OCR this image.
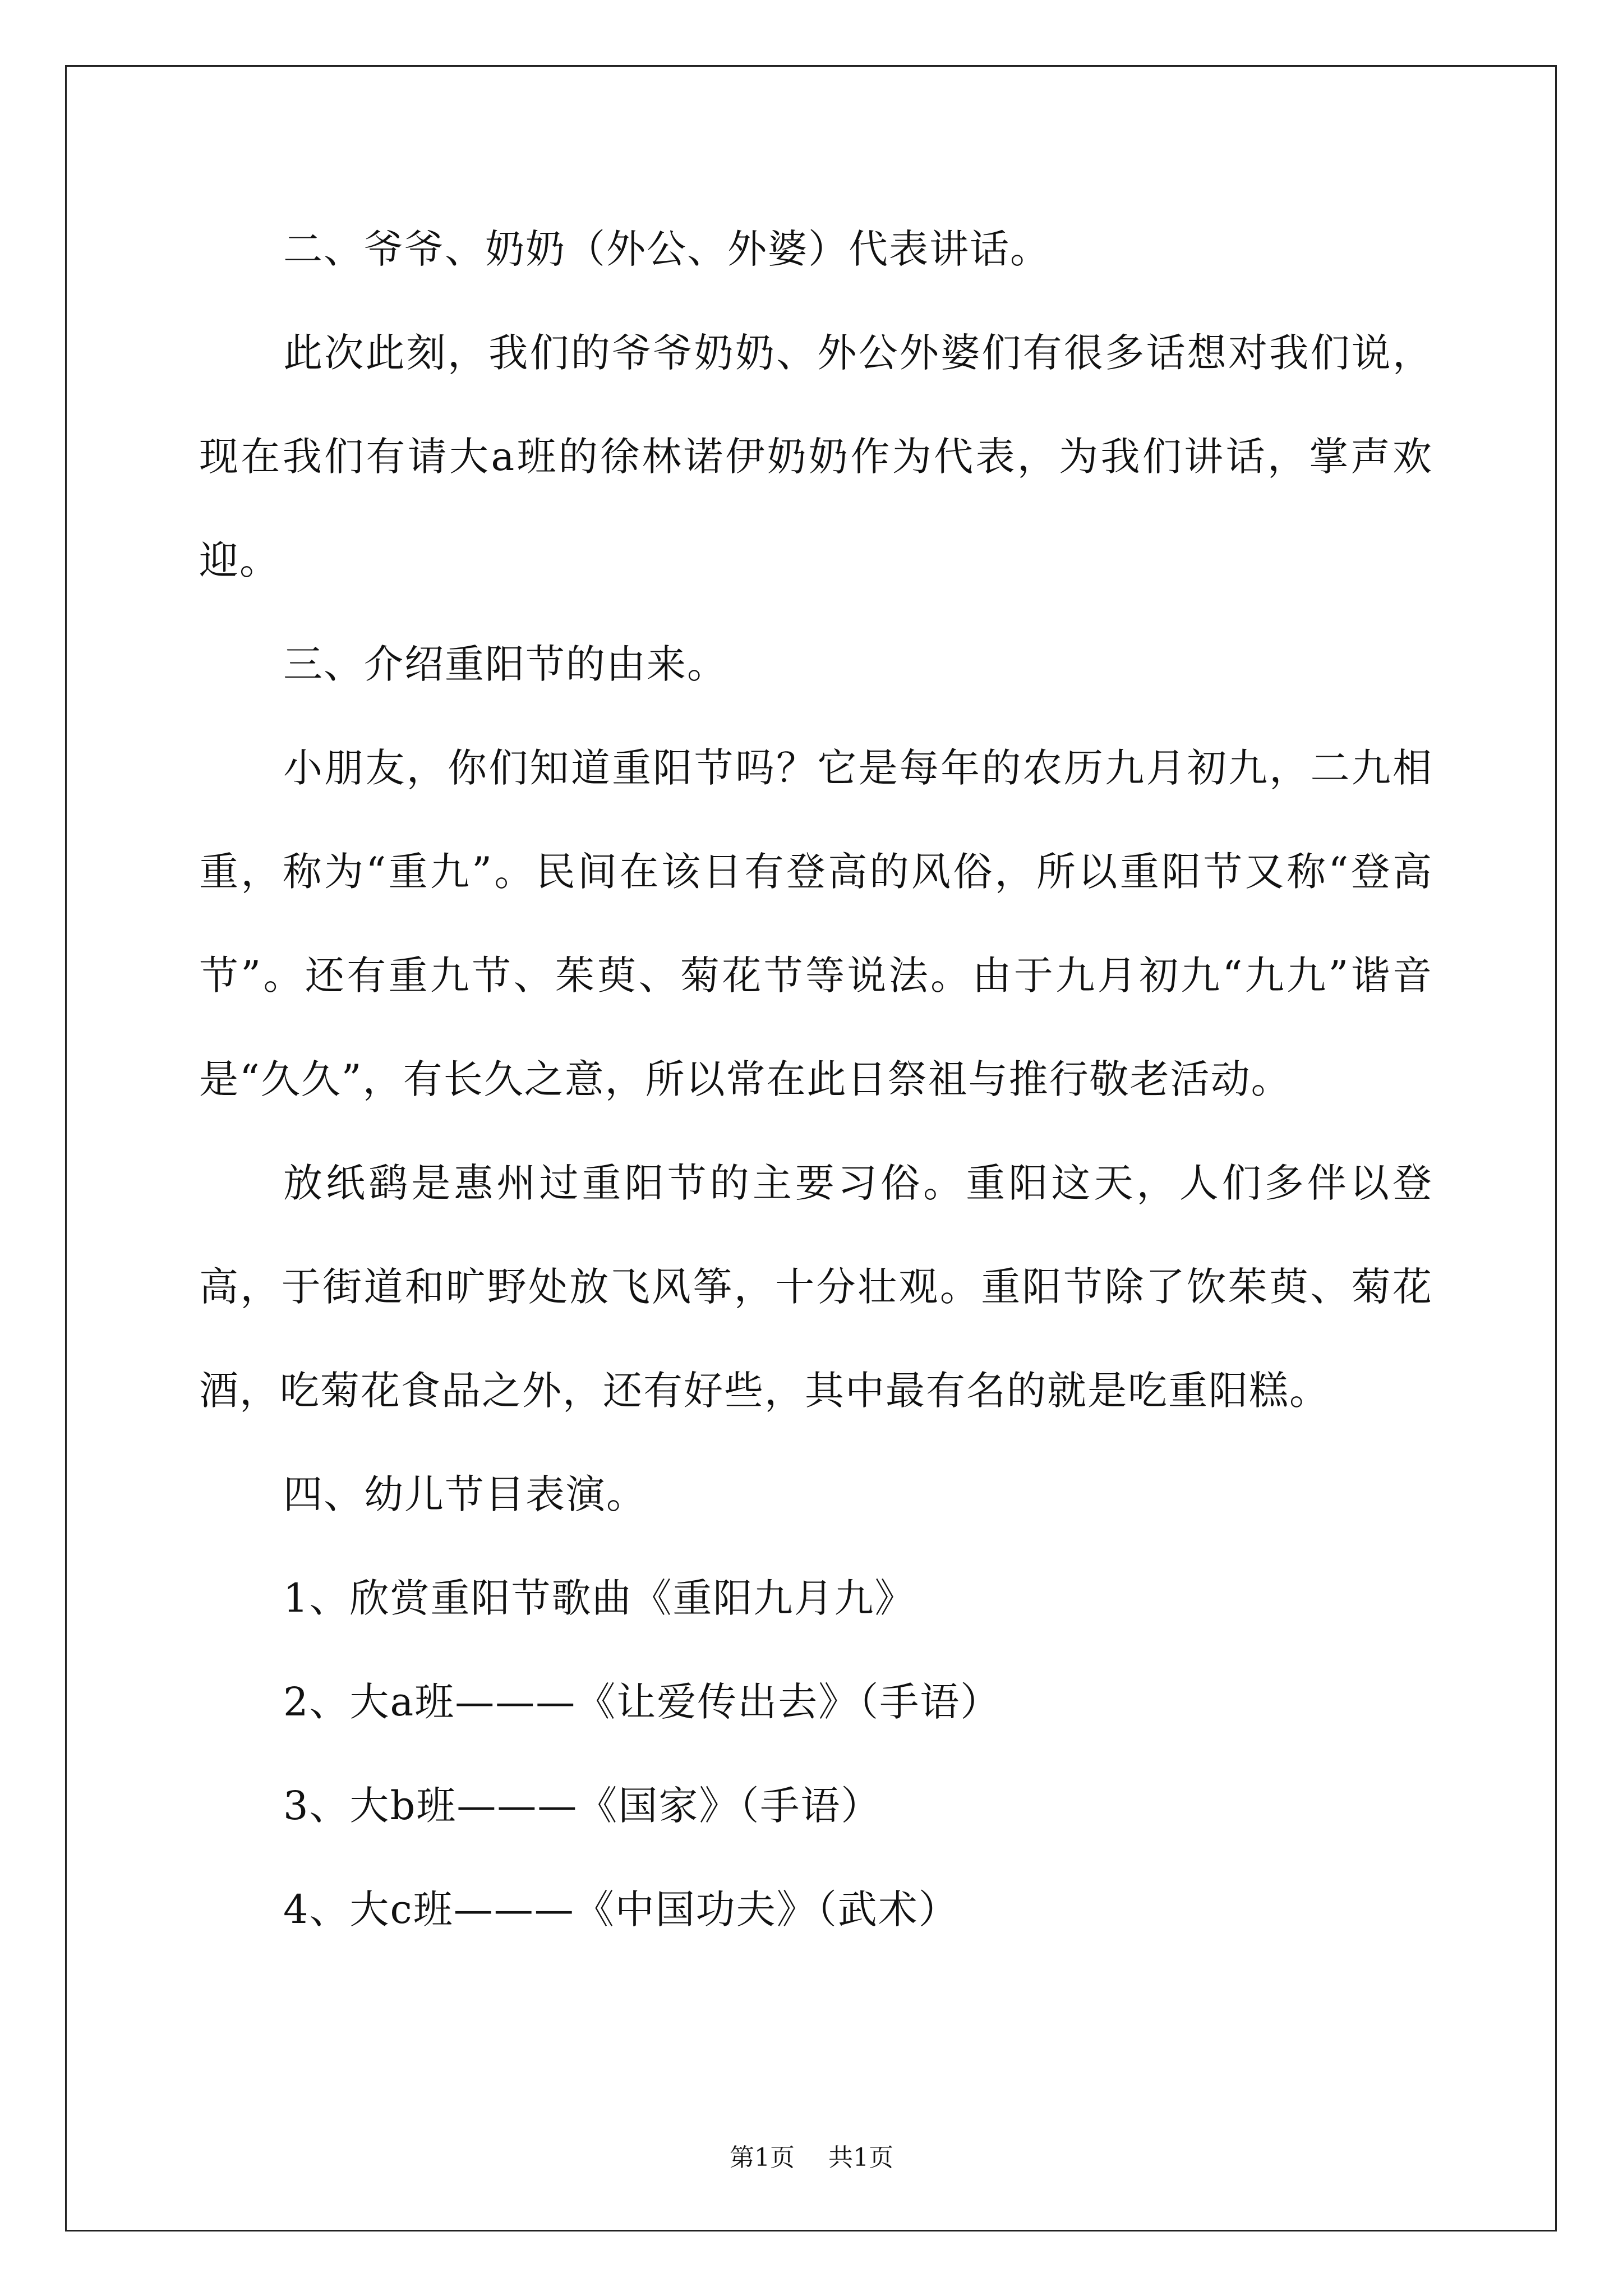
二、爷爷、奶奶（外公、外婆）代表讲话。

此次此刻，我们的爷爷奶奶、外公外婆们有很多话想对我们说，现在我们有请大a班的徐林诺伊奶奶作为代表，为我们讲话，掌声欢迎。

三、介绍重阳节的由来。

小朋友，你们知道重阳节吗？它是每年的农历九月初九，二九相重，称为“重九”。民间在该日有登高的风俗，所以重阳节又称“登高节”。还有重九节、茱萸、菊花节等说法。由于九月初九“九九”谐音是“久久”，有长久之意，所以常在此日祭祖与推行敬老活动。

放纸鹞是惠州过重阳节的主要习俗。重阳这天，人们多伴以登高，于街道和旷野处放飞风筝，十分壮观。重阳节除了饮茱萸、菊花酒，吃菊花食品之外，还有好些，其中最有名的就是吃重阳糕。

四、幼儿节目表演。

1、欣赏重阳节歌曲《重阳九月九》

2、大a班———《让爱传出去》（手语）

3、大b班———《国家》（手语）

4、大c班———《中国功夫》（武术）

第1页 共1页
